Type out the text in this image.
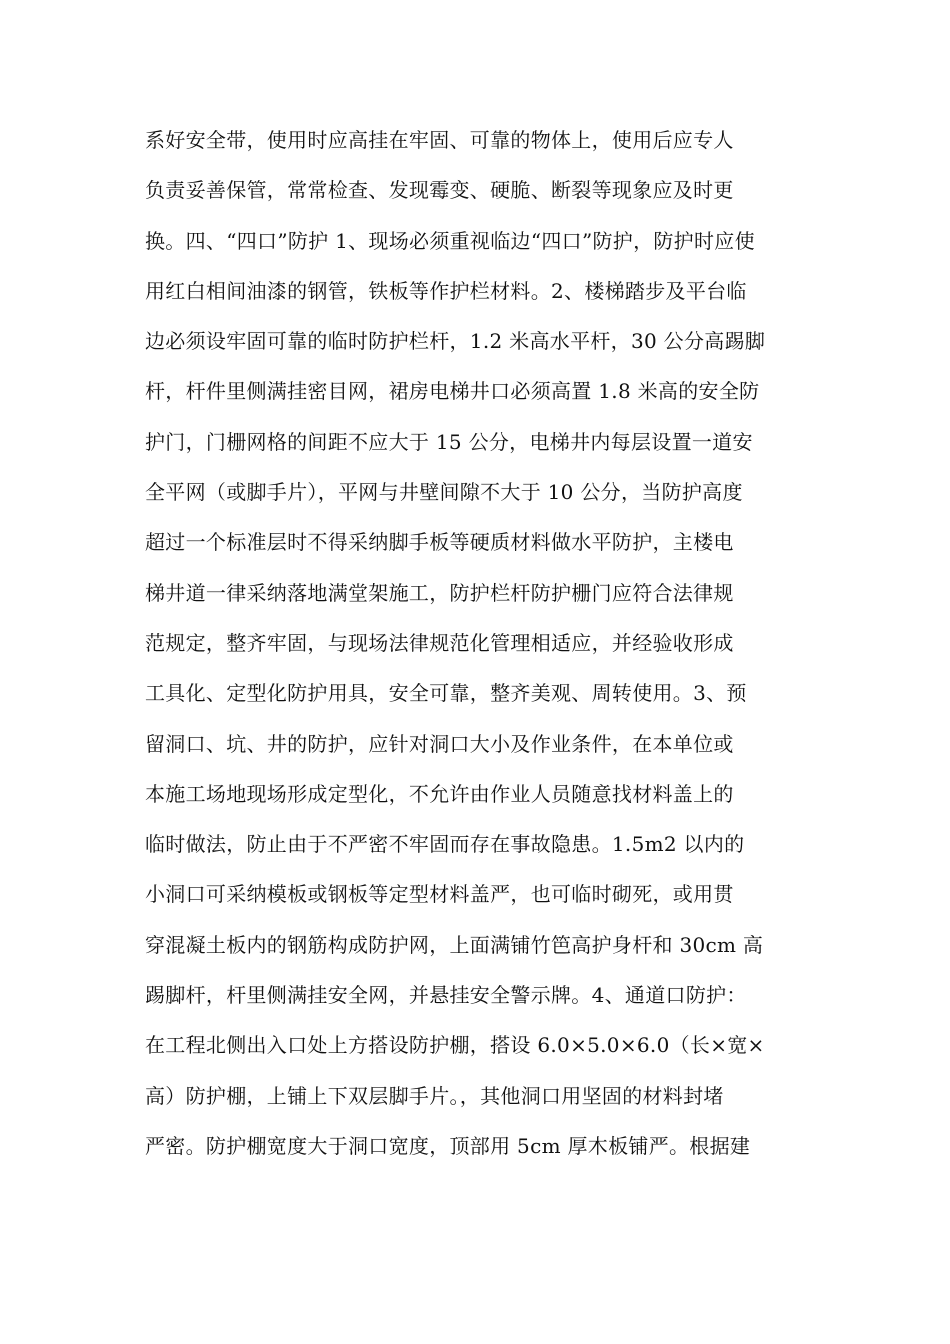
系好安全带，使用时应高挂在牢固、可靠的物体上，使用后应专人
负责妥善保管，常常检查、发现霉变、硬脆、断裂等现象应及时更
换。四、“四口”防护 1、现场必须重视临边“四口”防护，防护时应使
用红白相间油漆的钢管，铁板等作护栏材料。2、楼梯踏步及平台临
边必须设牢固可靠的临时防护栏杆，1.2 米高水平杆，30 公分高踢脚
杆，杆件里侧满挂密目网，裙房电梯井口必须高置 1.8 米高的安全防
护门，门栅网格的间距不应大于 15 公分，电梯井内每层设置一道安
全平网（或脚手片），平网与井壁间隙不大于 10 公分，当防护高度
超过一个标准层时不得采纳脚手板等硬质材料做水平防护，主楼电
梯井道一律采纳落地满堂架施工，防护栏杆防护栅门应符合法律规
范规定，整齐牢固，与现场法律规范化管理相适应，并经验收形成
工具化、定型化防护用具，安全可靠，整齐美观、周转使用。3、预
留洞口、坑、井的防护，应针对洞口大小及作业条件，在本单位或
本施工场地现场形成定型化，不允许由作业人员随意找材料盖上的
临时做法，防止由于不严密不牢固而存在事故隐患。1.5m2 以内的
小洞口可采纳模板或钢板等定型材料盖严，也可临时砌死，或用贯
穿混凝土板内的钢筋构成防护网，上面满铺竹笆高护身杆和 30cm 高
踢脚杆，杆里侧满挂安全网，并悬挂安全警示牌。4、通道口防护：
在工程北侧出入口处上方搭设防护棚，搭设 6.0×5.0×6.0（长×宽×
高）防护棚，上铺上下双层脚手片。，其他洞口用坚固的材料封堵
严密。防护棚宽度大于洞口宽度，顶部用 5cm 厚木板铺严。根据建
